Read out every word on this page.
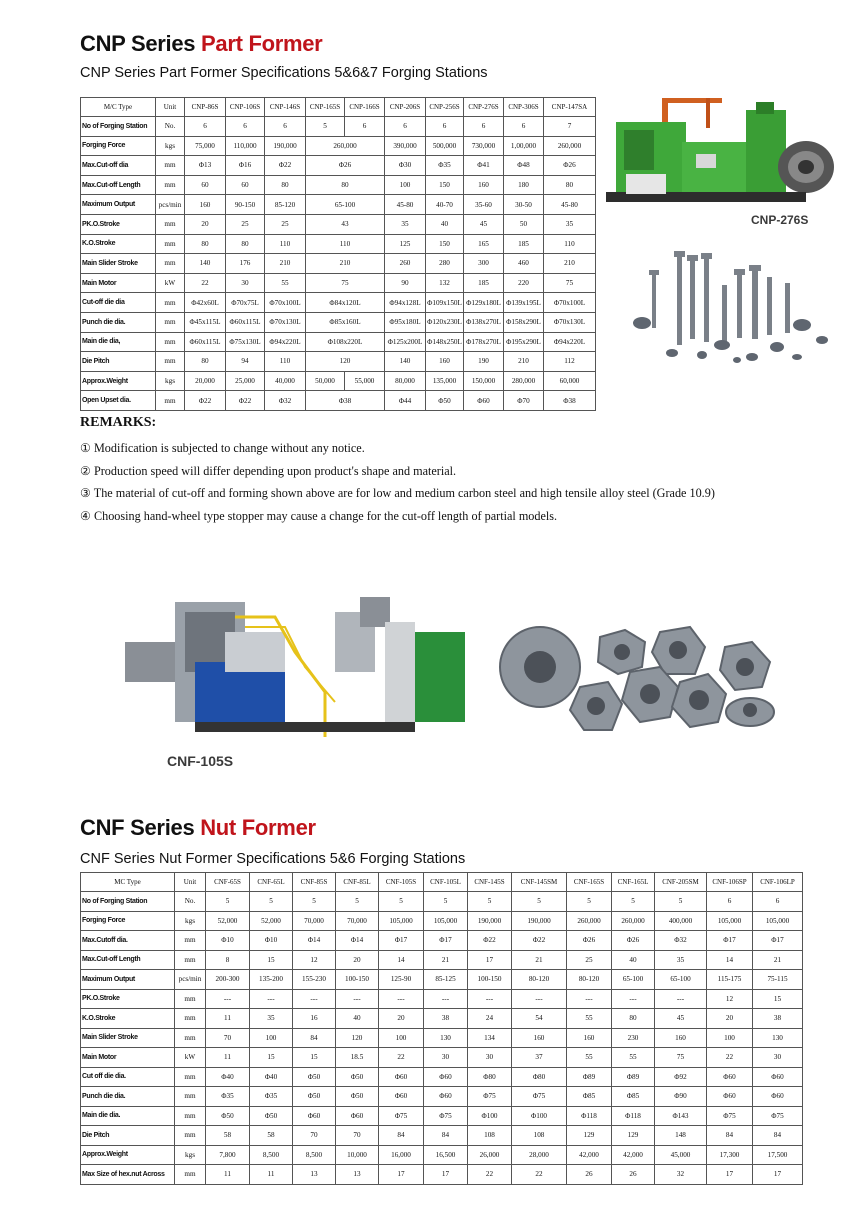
CNP Series Part Former
CNP Series Part Former Specifications 5&6&7 Forging Stations
M/C Type	Unit	CNP-86S	CNP-106S	CNP-146S	CNP-165S	CNP-166S	CNP-206S	CNP-256S	CNP-276S	CNP-306S	CNP-147SA
No of Forging Station	No.	6	6	6	5	6	6	6	6	6	7
Forging Force	kgs	75,000	110,000	190,000	260,000		390,000	500,000	730,000	1,00,000	260,000
Max.Cut-off dia	mm	Φ13	Φ16	Φ22	Φ26		Φ30	Φ35	Φ41	Φ48	Φ26
Max.Cut-off Length	mm	60	60	80	80		100	150	160	180	80
Maximum Output	pcs/min	160	90-150	85-120	65-100		45-80	40-70	35-60	30-50	45-80
PK.O.Stroke	mm	20	25	25	43		35	40	45	50	35
K.O.Stroke	mm	80	80	110	110		125	150	165	185	110
Main Slider Stroke	mm	140	176	210	210		260	280	300	460	210
Main Motor	kW	22	30	55	75		90	132	185	220	75
Cut-off die dia	mm	Φ42x60L	Φ70x75L	Φ70x100L	Φ84x120L		Φ94x128L	Φ109x150L	Φ129x180L	Φ139x195L	Φ70x100L
Punch die dia.	mm	Φ45x115L	Φ60x115L	Φ70x130L	Φ85x160L		Φ95x180L	Φ120x230L	Φ138x270L	Φ158x290L	Φ70x130L
Main die dia,	mm	Φ60x115L	Φ75x130L	Φ94x220L	Φ108x220L		Φ125x200L	Φ148x250L	Φ178x270L	Φ195x290L	Φ94x220L
Die Pitch	mm	80	94	110	120		140	160	190	210	112
Approx.Weight	kgs	20,000	25,000	40,000	50,000	55,000	80,000	135,000	150,000	280,000	60,000
Open Upset dia.	mm	Φ22	Φ22	Φ32	Φ38		Φ44	Φ50	Φ60	Φ70	Φ38
CNP-276S
REMARKS:
① Modification is subjected to change without any notice.
② Production speed will differ depending upon product's shape and material.
③ The material of cut-off and forming shown above are for low and medium carbon steel and high tensile alloy steel (Grade 10.9)
④ Choosing hand-wheel type stopper may cause a change for the cut-off length of partial models.
CNF-105S
CNF Series Nut Former
CNF Series Nut Former Specifications 5&6 Forging Stations
MC Type	Unit	CNF-65S	CNF-65L	CNF-85S	CNF-85L	CNF-105S	CNF-105L	CNF-145S	CNF-145SM	CNF-165S	CNF-165L	CNF-205SM	CNF-106SP	CNF-106LP
No of Forging Station	No.	5	5	5	5	5	5	5	5	5	5	5	6	6
Forging Force	kgs	52,000	52,000	70,000	70,000	105,000	105,000	190,000	190,000	260,000	260,000	400,000	105,000	105,000
Max.Cutoff dia.	mm	Φ10	Φ10	Φ14	Φ14	Φ17	Φ17	Φ22	Φ22	Φ26	Φ26	Φ32	Φ17	Φ17
Max.Cut-off Length	mm	8	15	12	20	14	21	17	21	25	40	35	14	21
Maximum Output	pcs/min	200-300	135-200	155-230	100-150	125-90	85-125	100-150	80-120	80-120	65-100	65-100	115-175	75-115
PK.O.Stroke	mm	---	---	---	---	---	---	---	---	---	---	---	12	15
K.O.Stroke	mm	11	35	16	40	20	38	24	54	55	80	45	20	38
Main Slider Stroke	mm	70	100	84	120	100	130	134	160	160	230	160	100	130
Main Motor	kW	11	15	15	18.5	22	30	30	37	55	55	75	22	30
Cut off die dia.	mm	Φ40	Φ40	Φ50	Φ50	Φ60	Φ60	Φ80	Φ80	Φ89	Φ89	Φ92	Φ60	Φ60
Punch die dia.	mm	Φ35	Φ35	Φ50	Φ50	Φ60	Φ60	Φ75	Φ75	Φ85	Φ85	Φ90	Φ60	Φ60
Main die dia.	mm	Φ50	Φ50	Φ60	Φ60	Φ75	Φ75	Φ100	Φ100	Φ118	Φ118	Φ143	Φ75	Φ75
Die Pitch	mm	58	58	70	70	84	84	108	108	129	129	148	84	84
Approx.Weight	kgs	7,800	8,500	8,500	10,000	16,000	16,500	26,000	28,000	42,000	42,000	45,000	17,300	17,500
Max Size of hex.nut Across	mm	11	11	13	13	17	17	22	22	26	26	32	17	17
